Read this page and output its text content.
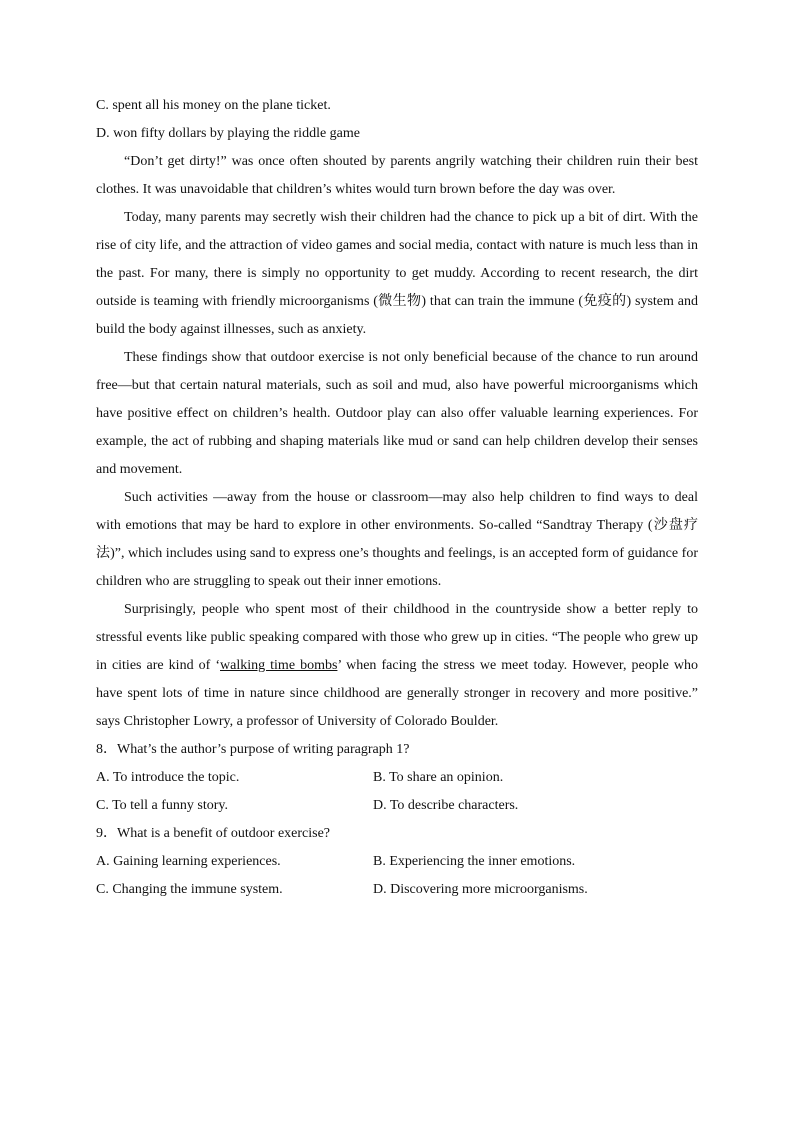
C. spent all his money on the plane ticket.

D. won fifty dollars by playing the riddle game

“Don’t get dirty!” was once often shouted by parents angrily watching their children ruin their best clothes. It was unavoidable that children’s whites would turn brown before the day was over.

Today, many parents may secretly wish their children had the chance to pick up a bit of dirt. With the rise of city life, and the attraction of video games and social media, contact with nature is much less than in the past. For many, there is simply no opportunity to get muddy. According to recent research, the dirt outside is teaming with friendly microorganisms (微生物) that can train the immune (免疫的) system and build the body against illnesses, such as anxiety.

These findings show that outdoor exercise is not only beneficial because of the chance to run around free—but that certain natural materials, such as soil and mud, also have powerful microorganisms which have positive effect on children’s health. Outdoor play can also offer valuable learning experiences. For example, the act of rubbing and shaping materials like mud or sand can help children develop their senses and movement.

Such activities —away from the house or classroom—may also help children to find ways to deal with emotions that may be hard to explore in other environments. So-called “Sandtray Therapy (沙盘疗法)”, which includes using sand to express one’s thoughts and feelings, is an accepted form of guidance for children who are struggling to speak out their inner emotions.

Surprisingly, people who spent most of their childhood in the countryside show a better reply to stressful events like public speaking compared with those who grew up in cities. “The people who grew up in cities are kind of ‘walking time bombs’ when facing the stress we meet today. However, people who have spent lots of time in nature since childhood are generally stronger in recovery and more positive.” says Christopher Lowry, a professor of University of Colorado Boulder.

8．What’s the author’s purpose of writing paragraph 1?

A. To introduce the topic.	B. To share an opinion.
C. To tell a funny story.	D. To describe characters.

9．What is a benefit of outdoor exercise?

A. Gaining learning experiences.	B. Experiencing the inner emotions.
C. Changing the immune system.	D. Discovering more microorganisms.
